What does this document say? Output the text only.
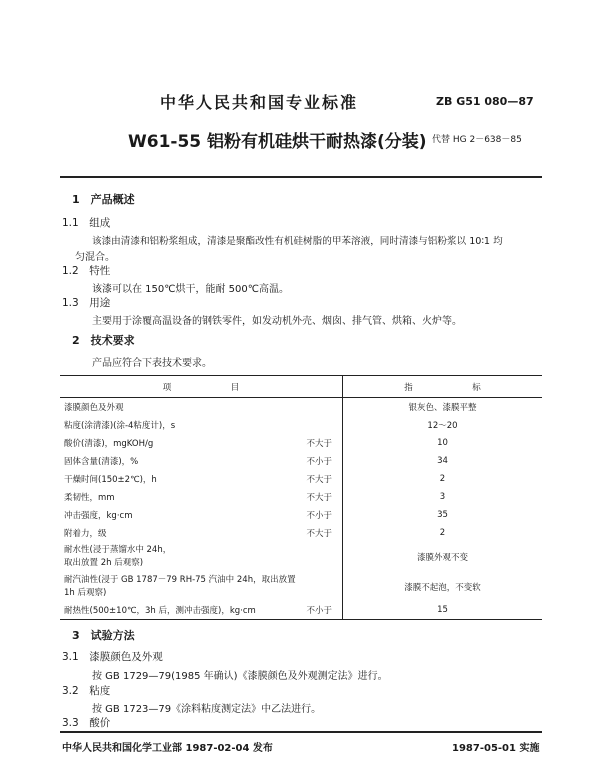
中华人民共和国专业标准	ZB G51 080—87
W61-55 铝粉有机硅烘干耐热漆(分装) 代替 HG 2－638－85
1　产品概述
1.1　组成
该漆由清漆和铝粉浆组成，清漆是聚酯改性有机硅树脂的甲苯溶液，同时清漆与铝粉浆以 10∶1 均
匀混合。
1.2　特性
该漆可以在 150℃烘干，能耐 500℃高温。
1.3　用途
主要用于涂覆高温设备的钢铁零件，如发动机外壳、烟囱、排气管、烘箱、火炉等。
2　技术要求
产品应符合下表技术要求。
项　　　　　　　目		指　　　　　　　标
漆膜颜色及外观		银灰色、漆膜平整
粘度(涂清漆)(涂-4粘度计)，s		12～20
酸价(清漆)，mgKOH/g	不大于	10
固体含量(清漆)，%	不小于	34
干燥时间(150±2℃)，h	不大于	2
柔韧性，mm	不大于	3
冲击强度，kg·cm	不小于	35
附着力，级	不大于	2
耐水性(浸于蒸馏水中 24h，
取出放置 2h 后观察)		漆膜外观不变
耐汽油性(浸于 GB 1787－79 RH-75 汽油中 24h，取出放置
1h 后观察)		漆膜不起泡，不变软
耐热性(500±10℃，3h 后，测冲击强度)，kg·cm	不小于	15
3　试验方法
3.1　漆膜颜色及外观
按 GB 1729—79(1985 年确认)《漆膜颜色及外观测定法》进行。
3.2　粘度
按 GB 1723—79《涂料粘度测定法》中乙法进行。
3.3　酸价
中华人民共和国化学工业部 1987-02-04 发布	1987-05-01 实施
